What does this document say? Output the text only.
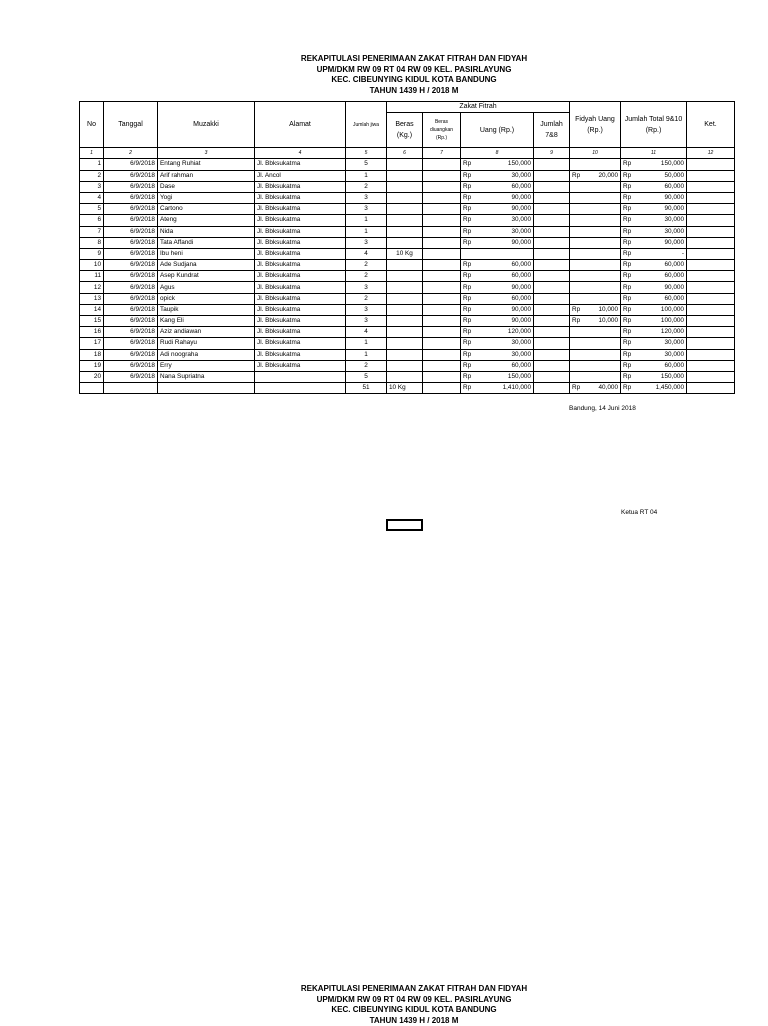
REKAPITULASI PENERIMAAN ZAKAT FITRAH DAN FIDYAH
UPM/DKM RW 09 RT 04 RW 09 KEL. PASIRLAYUNG
KEC. CIBEUNYING KIDUL KOTA BANDUNG
TAHUN 1439 H / 2018 M
No	Tanggal	Muzakki	Alamat	Jumlah jiwa	Zakat Fitrah				Fidyah Uang (Rp.)	Jumlah Total 9&10 (Rp.)	Ket.
					Beras (Kg.)	Beras diuangkan (Rp.)	Uang (Rp.)	Jumlah 7&8			
1	2	3	4	5	6	7	8	9	10	11	12
1	6/9/2018	Entang Ruhiat	Jl. Bbksukatma	5			Rp 150,000			Rp 150,000	
2	6/9/2018	Arif rahman	Jl. Ancol	1			Rp 30,000		Rp 20,000	Rp 50,000	
3	6/9/2018	Dase	Jl. Bbksukatma	2			Rp 60,000			Rp 60,000	
4	6/9/2018	Yogi	Jl. Bbksukatma	3			Rp 90,000			Rp 90,000	
5	6/9/2018	Cartono	Jl. Bbksukatma	3			Rp 90,000			Rp 90,000	
6	6/9/2018	Ateng	Jl. Bbksukatma	1			Rp 30,000			Rp 30,000	
7	6/9/2018	Nida	Jl. Bbksukatma	1			Rp 30,000			Rp 30,000	
8	6/9/2018	Tata Affandi	Jl. Bbksukatma	3			Rp 90,000			Rp 90,000	
9	6/9/2018	Ibu heni	Jl. Bbksukatma	4	10 Kg					Rp -	
10	6/9/2018	Ade Sudjana	Jl. Bbksukatma	2			Rp 60,000			Rp 60,000	
11	6/9/2018	Asep Kundrat	Jl. Bbksukatma	2			Rp 60,000			Rp 60,000	
12	6/9/2018	Agus	Jl. Bbksukatma	3			Rp 90,000			Rp 90,000	
13	6/9/2018	opick	Jl. Bbksukatma	2			Rp 60,000			Rp 60,000	
14	6/9/2018	Taupik	Jl. Bbksukatma	3			Rp 90,000		Rp 10,000	Rp 100,000	
15	6/9/2018	Kang Eli	Jl. Bbksukatma	3			Rp 90,000		Rp 10,000	Rp 100,000	
16	6/9/2018	Aziz andiawan	Jl. Bbksukatma	4			Rp 120,000			Rp 120,000	
17	6/9/2018	Rudi Rahayu	Jl. Bbksukatma	1			Rp 30,000			Rp 30,000	
18	6/9/2018	Adi noograha	Jl. Bbksukatma	1			Rp 30,000			Rp 30,000	
19	6/9/2018	Erry	Jl. Bbksukatma	2			Rp 60,000			Rp 60,000	
20	6/9/2018	Nana Supriatna		5			Rp 150,000			Rp 150,000	
				51	10 Kg		Rp 1,410,000		Rp 40,000	Rp 1,450,000	
Bandung, 14 Juni 2018
Ketua RT 04
REKAPITULASI PENERIMAAN ZAKAT FITRAH DAN FIDYAH
UPM/DKM RW 09 RT 04 RW 09 KEL. PASIRLAYUNG
KEC. CIBEUNYING KIDUL KOTA BANDUNG
TAHUN 1439 H / 2018 M
